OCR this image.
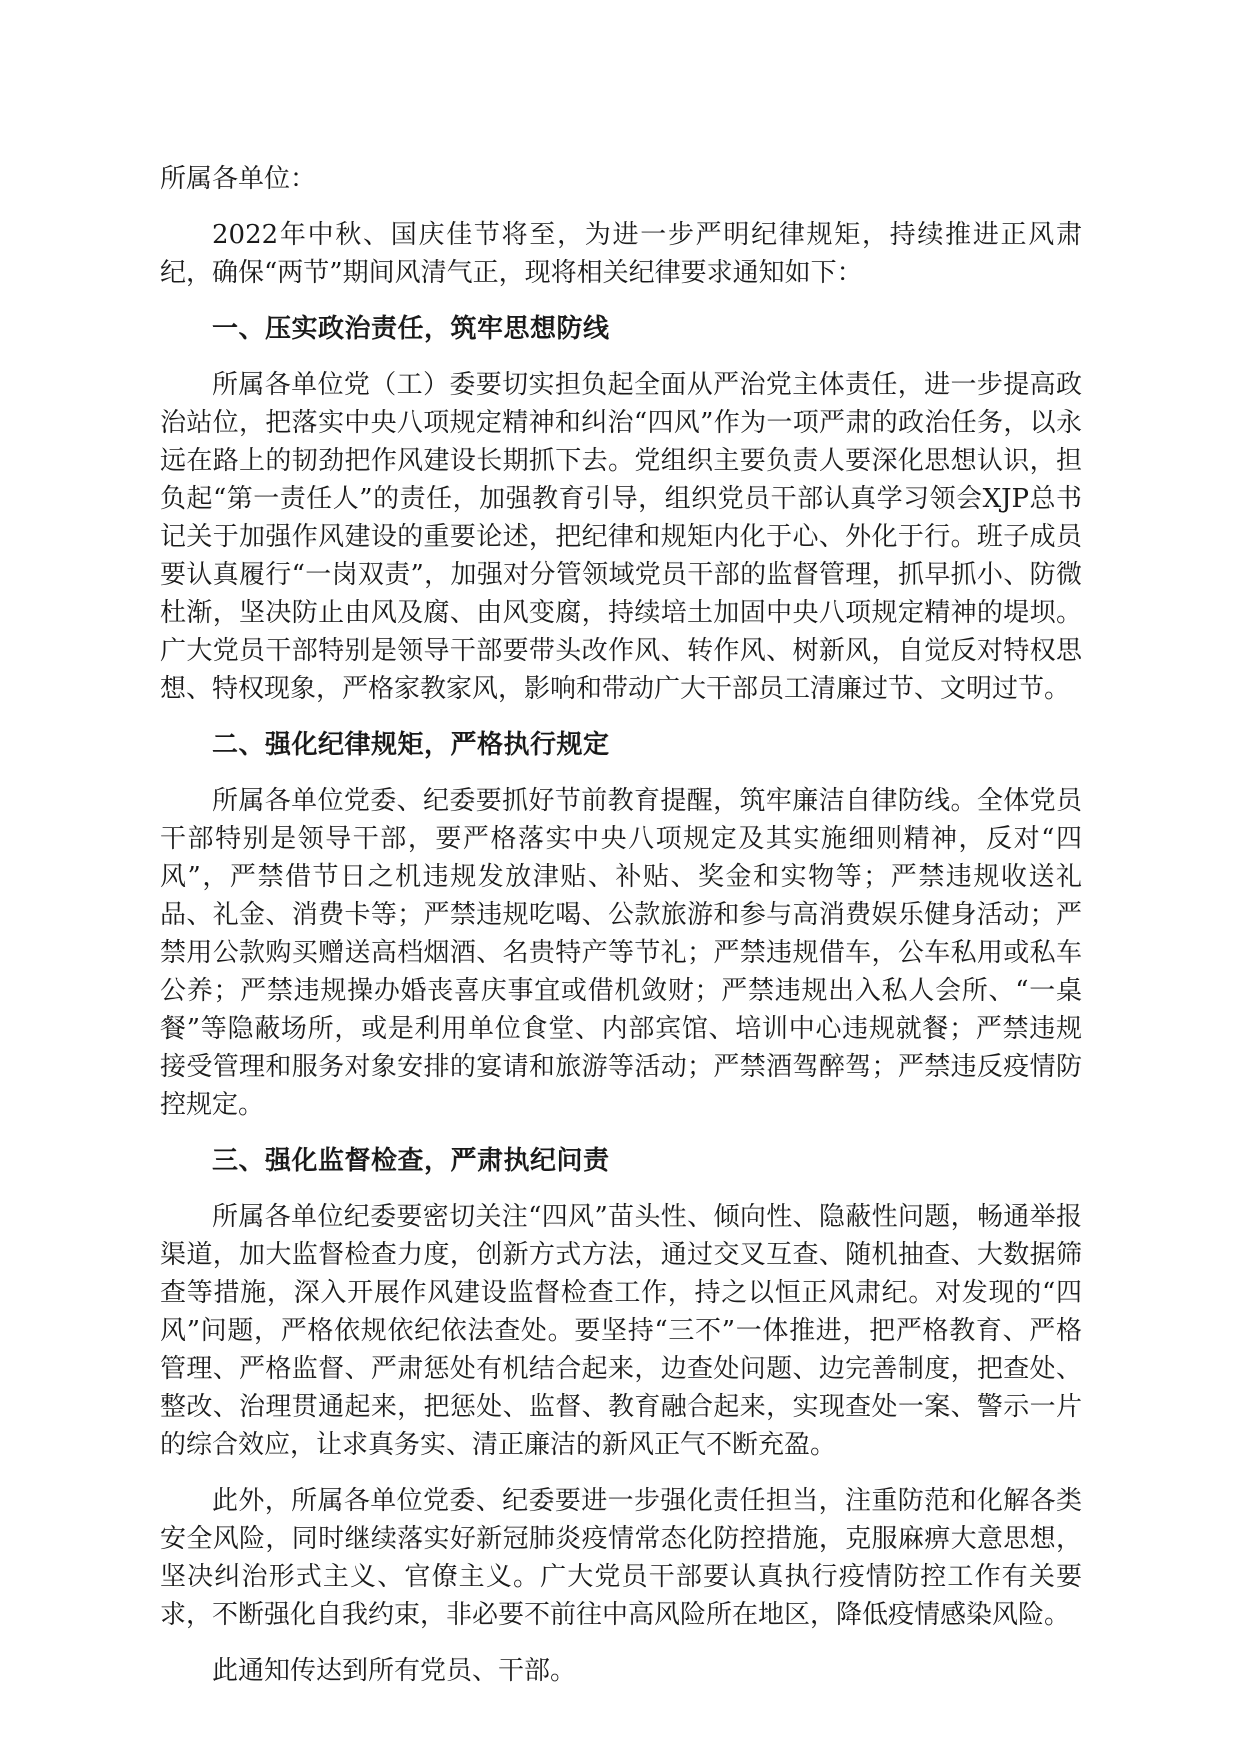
所属各单位：

2022年中秋、国庆佳节将至，为进一步严明纪律规矩，持续推进正风肃纪，确保“两节”期间风清气正，现将相关纪律要求通知如下：

一、压实政治责任，筑牢思想防线

所属各单位党（工）委要切实担负起全面从严治党主体责任，进一步提高政治站位，把落实中央八项规定精神和纠治“四风”作为一项严肃的政治任务，以永远在路上的韧劲把作风建设长期抓下去。党组织主要负责人要深化思想认识，担负起“第一责任人”的责任，加强教育引导，组织党员干部认真学习领会XJP总书记关于加强作风建设的重要论述，把纪律和规矩内化于心、外化于行。班子成员要认真履行“一岗双责”，加强对分管领域党员干部的监督管理，抓早抓小、防微杜渐，坚决防止由风及腐、由风变腐，持续培土加固中央八项规定精神的堤坝。广大党员干部特别是领导干部要带头改作风、转作风、树新风，自觉反对特权思想、特权现象，严格家教家风，影响和带动广大干部员工清廉过节、文明过节。

二、强化纪律规矩，严格执行规定

所属各单位党委、纪委要抓好节前教育提醒，筑牢廉洁自律防线。全体党员干部特别是领导干部，要严格落实中央八项规定及其实施细则精神，反对“四风”，严禁借节日之机违规发放津贴、补贴、奖金和实物等；严禁违规收送礼品、礼金、消费卡等；严禁违规吃喝、公款旅游和参与高消费娱乐健身活动；严禁用公款购买赠送高档烟酒、名贵特产等节礼；严禁违规借车，公车私用或私车公养；严禁违规操办婚丧喜庆事宜或借机敛财；严禁违规出入私人会所、“一桌餐”等隐蔽场所，或是利用单位食堂、内部宾馆、培训中心违规就餐；严禁违规接受管理和服务对象安排的宴请和旅游等活动；严禁酒驾醉驾；严禁违反疫情防控规定。

三、强化监督检查，严肃执纪问责

所属各单位纪委要密切关注“四风”苗头性、倾向性、隐蔽性问题，畅通举报渠道，加大监督检查力度，创新方式方法，通过交叉互查、随机抽查、大数据筛查等措施，深入开展作风建设监督检查工作，持之以恒正风肃纪。对发现的“四风”问题，严格依规依纪依法查处。要坚持“三不”一体推进，把严格教育、严格管理、严格监督、严肃惩处有机结合起来，边查处问题、边完善制度，把查处、整改、治理贯通起来，把惩处、监督、教育融合起来，实现查处一案、警示一片的综合效应，让求真务实、清正廉洁的新风正气不断充盈。

此外，所属各单位党委、纪委要进一步强化责任担当，注重防范和化解各类安全风险，同时继续落实好新冠肺炎疫情常态化防控措施，克服麻痹大意思想，坚决纠治形式主义、官僚主义。广大党员干部要认真执行疫情防控工作有关要求，不断强化自我约束，非必要不前往中高风险所在地区，降低疫情感染风险。

此通知传达到所有党员、干部。
